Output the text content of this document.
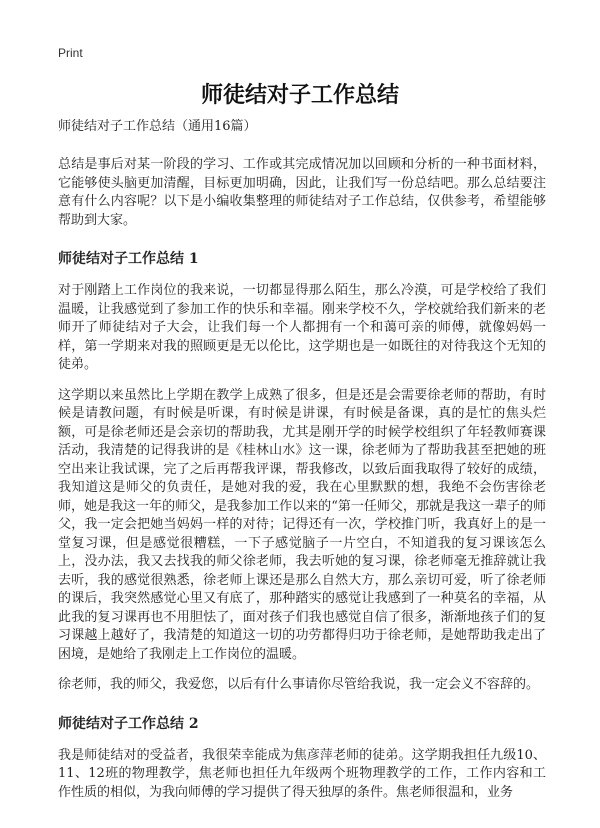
Print
师徒结对子工作总结

师徒结对子工作总结（通用16篇）

总结是事后对某一阶段的学习、工作或其完成情况加以回顾和分析的一种书面材料，它能够使头脑更加清醒，目标更加明确，因此，让我们写一份总结吧。那么总结要注意有什么内容呢？以下是小编收集整理的师徒结对子工作总结，仅供参考，希望能够帮助到大家。

师徒结对子工作总结 1

对于刚踏上工作岗位的我来说，一切都显得那么陌生，那么冷漠，可是学校给了我们温暖，让我感觉到了参加工作的快乐和幸福。刚来学校不久，学校就给我们新来的老师开了师徒结对子大会，让我们每一个人都拥有一个和蔼可亲的师傅，就像妈妈一样，第一学期来对我的照顾更是无以伦比，这学期也是一如既往的对待我这个无知的徒弟。

这学期以来虽然比上学期在教学上成熟了很多，但是还是会需要徐老师的帮助，有时候是请教问题，有时候是听课，有时候是讲课，有时候是备课，真的是忙的焦头烂额，可是徐老师还是会亲切的帮助我，尤其是刚开学的时候学校组织了年轻教师赛课活动，我清楚的记得我讲的是《桂林山水》这一课，徐老师为了帮助我甚至把她的班空出来让我试课，完了之后再帮我评课，帮我修改，以致后面我取得了较好的成绩，我知道这是师父的负责任，是她对我的爱，我在心里默默的想，我绝不会伤害徐老师，她是我这一年的师父，是我参加工作以来的“第一任师父，那就是我这一辈子的师父，我一定会把她当妈妈一样的对待；记得还有一次，学校推门听，我真好上的是一堂复习课，但是感觉很糟糕，一下子感觉脑子一片空白，不知道我的复习课该怎么上，没办法，我又去找我的师父徐老师，我去听她的复习课，徐老师毫无推辞就让我去听，我的感觉很熟悉，徐老师上课还是那么自然大方，那么亲切可爱，听了徐老师的课后，我突然感觉心里又有底了，那种踏实的感觉让我感到了一种莫名的幸福，从此我的复习课再也不用胆怯了，面对孩子们我也感觉自信了很多，渐渐地孩子们的复习课越上越好了，我清楚的知道这一切的功劳都得归功于徐老师，是她帮助我走出了困境，是她给了我刚走上工作岗位的温暖。

徐老师，我的师父，我爱您，以后有什么事请你尽管给我说，我一定会义不容辞的。

师徒结对子工作总结 2

我是师徒结对的受益者，我很荣幸能成为焦彦萍老师的徒弟。这学期我担任九级10、11、12班的物理教学，焦老师也担任九年级两个班物理教学的工作，工作内容和工作性质的相似，为我向师傅的学习提供了得天独厚的条件。焦老师很温和，业务
